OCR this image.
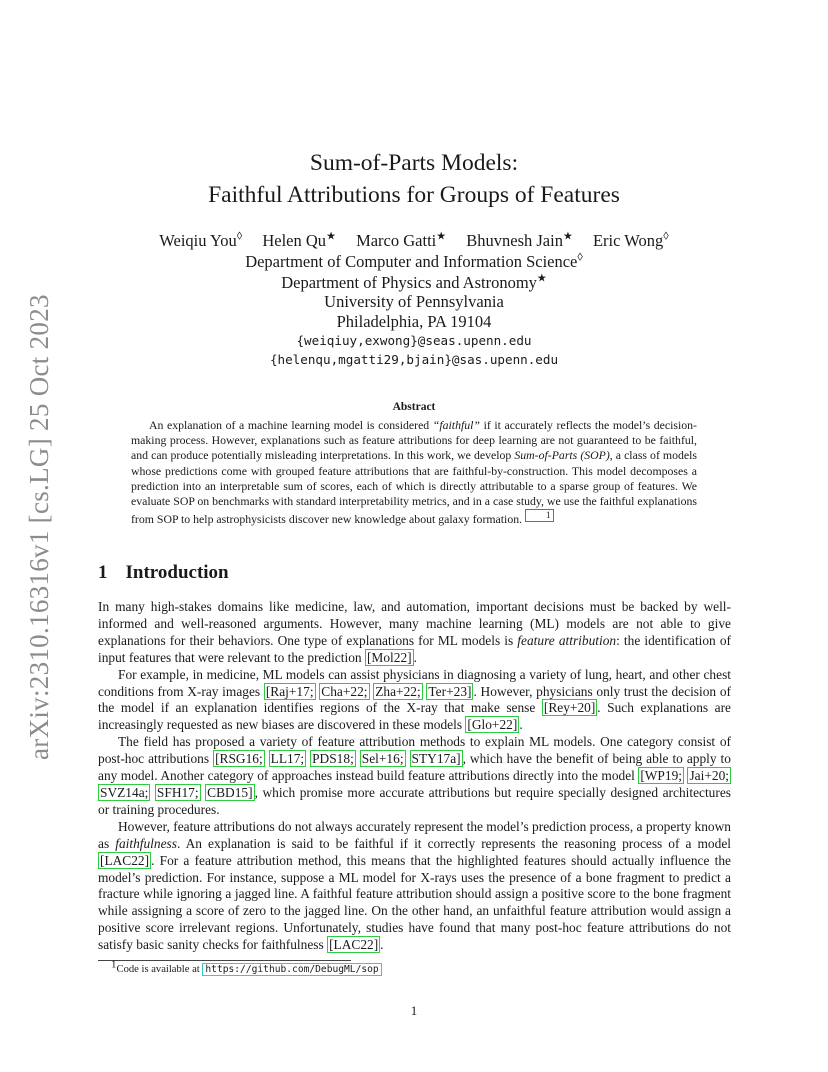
arXiv:2310.16316v1 [cs.LG] 25 Oct 2023
Sum-of-Parts Models:
Faithful Attributions for Groups of Features
Weiqiu You◊ Helen Qu★ Marco Gatti★ Bhuvnesh Jain★ Eric Wong◊
Department of Computer and Information Science◊
Department of Physics and Astronomy★
University of Pennsylvania
Philadelphia, PA 19104
{weiqiuy,exwong}@seas.upenn.edu
{helenqu,mgatti29,bjain}@sas.upenn.edu
Abstract
An explanation of a machine learning model is considered “faithful” if it accurately reflects the model’s decision-making process. However, explanations such as feature attributions for deep learning are not guaranteed to be faithful, and can produce potentially misleading interpretations. In this work, we develop Sum-of-Parts (SOP), a class of models whose predictions come with grouped feature attributions that are faithful-by-construction. This model decomposes a prediction into an interpretable sum of scores, each of which is directly attributable to a sparse group of features. We evaluate SOP on benchmarks with standard interpretability metrics, and in a case study, we use the faithful explanations from SOP to help astrophysicists discover new knowledge about galaxy formation. 1
1 Introduction

In many high-stakes domains like medicine, law, and automation, important decisions must be backed by well-informed and well-reasoned arguments. However, many machine learning (ML) models are not able to give explanations for their behaviors. One type of explanations for ML models is feature attribution: the identification of input features that were relevant to the prediction [Mol22] .

For example, in medicine, ML models can assist physicians in diagnosing a variety of lung, heart, and other chest conditions from X-ray images [Raj+17; Cha+22; Zha+22; Ter+23] . However, physicians only trust the decision of the model if an explanation identifies regions of the X-ray that make sense [Rey+20] . Such explanations are increasingly requested as new biases are discovered in these models [Glo+22] .

The field has proposed a variety of feature attribution methods to explain ML models. One category consist of post-hoc attributions [RSG16; LL17; PDS18; Sel+16; STY17a] , which have the benefit of being able to apply to any model. Another category of approaches instead build feature attributions directly into the model [WP19; Jai+20; SVZ14a; SFH17; CBD15] , which promise more accurate attributions but require specially designed architectures or training procedures.

However, feature attributions do not always accurately represent the model’s prediction process, a property known as faithfulness. An explanation is said to be faithful if it correctly represents the reasoning process of a model [LAC22] . For a feature attribution method, this means that the highlighted features should actually influence the model’s prediction. For instance, suppose a ML model for X-rays uses the presence of a bone fragment to predict a fracture while ignoring a jagged line. A faithful feature attribution should assign a positive score to the bone fragment while assigning a score of zero to the jagged line. On the other hand, an unfaithful feature attribution would assign a positive score irrelevant regions. Unfortunately, studies have found that many post-hoc feature attributions do not satisfy basic sanity checks for faithfulness [LAC22] .

$^1$Code is available at https://github.com/DebugML/sop
1
